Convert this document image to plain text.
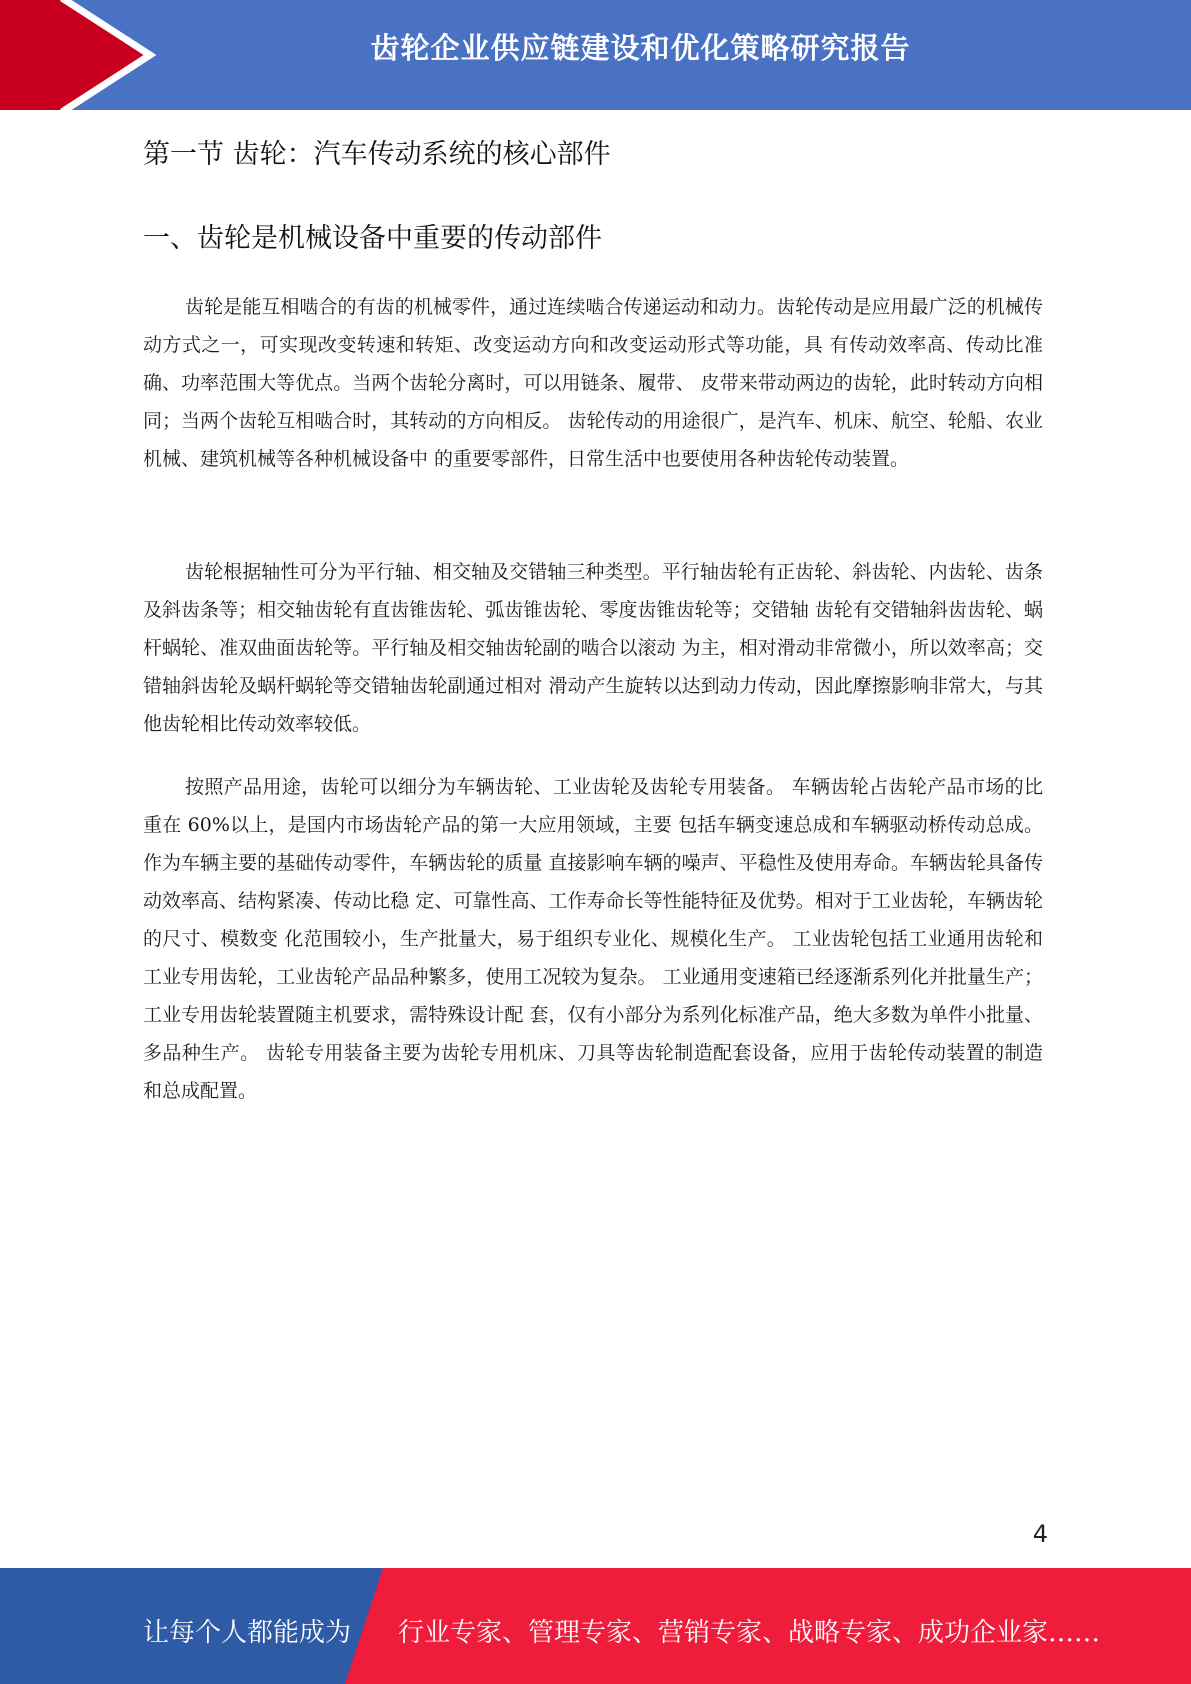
齿轮企业供应链建设和优化策略研究报告
第一节 齿轮：汽车传动系统的核心部件
一、齿轮是机械设备中重要的传动部件

齿轮是能互相啮合的有齿的机械零件，通过连续啮合传递运动和动力。齿轮传动是应用最广泛的机械传动方式之一，可实现改变转速和转矩、改变运动方向和改变运动形式等功能，具 有传动效率高、传动比准确、功率范围大等优点。当两个齿轮分离时，可以用链条、履带、 皮带来带动两边的齿轮，此时转动方向相同；当两个齿轮互相啮合时，其转动的方向相反。 齿轮传动的用途很广，是汽车、机床、航空、轮船、农业机械、建筑机械等各种机械设备中 的重要零部件，日常生活中也要使用各种齿轮传动装置。

齿轮根据轴性可分为平行轴、相交轴及交错轴三种类型。平行轴齿轮有正齿轮、斜齿轮、内齿轮、齿条及斜齿条等；相交轴齿轮有直齿锥齿轮、弧齿锥齿轮、零度齿锥齿轮等；交错轴 齿轮有交错轴斜齿齿轮、蜗杆蜗轮、准双曲面齿轮等。平行轴及相交轴齿轮副的啮合以滚动 为主，相对滑动非常微小，所以效率高；交错轴斜齿轮及蜗杆蜗轮等交错轴齿轮副通过相对 滑动产生旋转以达到动力传动，因此摩擦影响非常大，与其他齿轮相比传动效率较低。

按照产品用途，齿轮可以细分为车辆齿轮、工业齿轮及齿轮专用装备。 车辆齿轮占齿轮产品市场的比重在 60%以上，是国内市场齿轮产品的第一大应用领域，主要 包括车辆变速总成和车辆驱动桥传动总成。作为车辆主要的基础传动零件，车辆齿轮的质量 直接影响车辆的噪声、平稳性及使用寿命。车辆齿轮具备传动效率高、结构紧凑、传动比稳 定、可靠性高、工作寿命长等性能特征及优势。相对于工业齿轮，车辆齿轮的尺寸、模数变 化范围较小，生产批量大，易于组织专业化、规模化生产。 工业齿轮包括工业通用齿轮和工业专用齿轮，工业齿轮产品品种繁多，使用工况较为复杂。 工业通用变速箱已经逐渐系列化并批量生产；工业专用齿轮装置随主机要求，需特殊设计配 套，仅有小部分为系列化标准产品，绝大多数为单件小批量、多品种生产。 齿轮专用装备主要为齿轮专用机床、刀具等齿轮制造配套设备，应用于齿轮传动装置的制造 和总成配置。

4
让每个人都能成为 行业专家、管理专家、营销专家、战略专家、成功企业家……
